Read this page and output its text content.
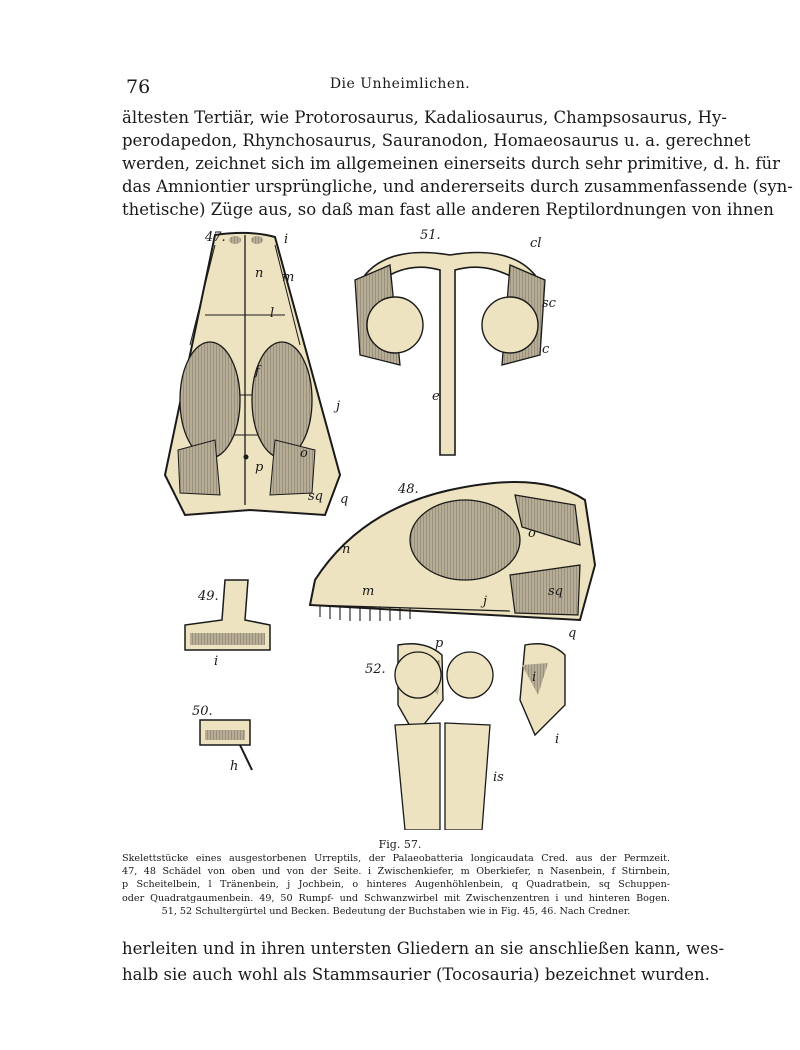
76	Die Unheimlichen.
ältesten Tertiär, wie Protorosaurus, Kadaliosaurus, Champsosaurus, Hy-
perodapedon, Rhynchosaurus, Sauranodon, Homaeosaurus u. a. gerechnet
werden, zeichnet sich im allgemeinen einerseits durch sehr primitive, d. h. für
das Amniontier ursprüngliche, und andererseits durch zusammenfassende (syn-
thetische) Züge aus, so daß man fast alle anderen Reptilordnungen von ihnen
47.	i
n m
l
f
j
o
p
sq q
51.
cl
sc
c
e
48.
n
o
m
j
sq
q
49.
i
50.
h
52.
p
i
i
is
Fig. 57.
Skelettstücke eines ausgestorbenen Urreptils, der Palaeobatteria longicaudata Cred. aus der Permzeit.
47, 48 Schädel von oben und von der Seite. i Zwischenkiefer, m Oberkiefer, n Nasenbein, f Stirnbein,
p Scheitelbein, l Tränenbein, j Jochbein, o hinteres Augenhöhlenbein, q Quadratbein, sq Schuppen-
oder Quadratgaumenbein. 49, 50 Rumpf- und Schwanzwirbel mit Zwischenzentren i und hinteren Bogen.
51, 52 Schultergürtel und Becken. Bedeutung der Buchstaben wie in Fig. 45, 46. Nach Credner.
herleiten und in ihren untersten Gliedern an sie anschließen kann, wes-
halb sie auch wohl als Stammsaurier (Tocosauria) bezeichnet wurden.
